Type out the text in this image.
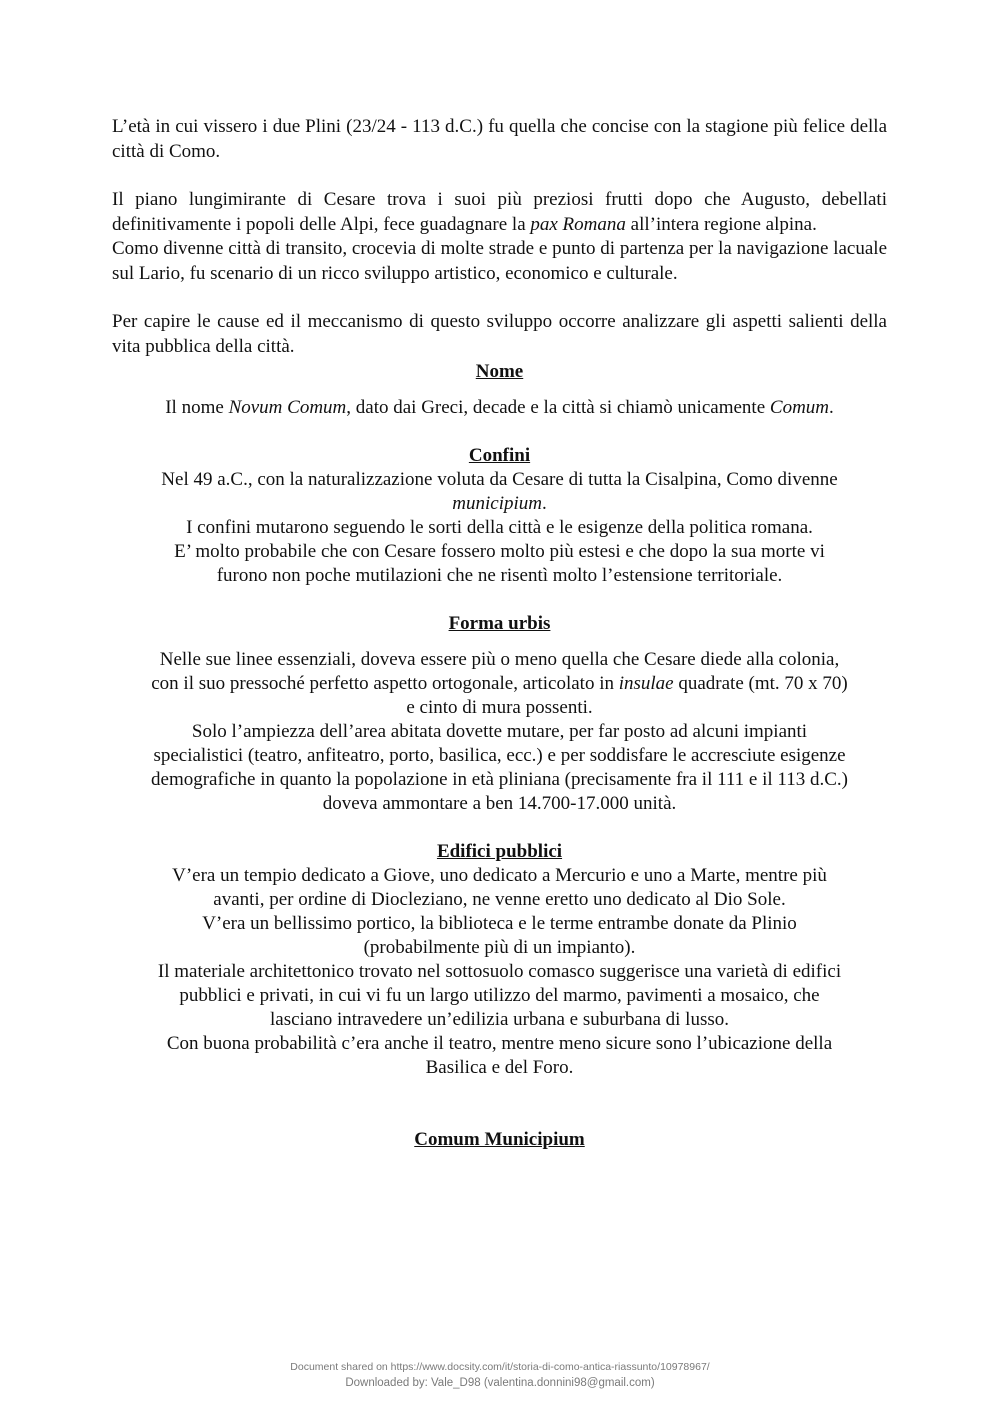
L’età in cui vissero i due Plini (23/24 - 113 d.C.) fu quella che concise con la stagione più felice della città di Como.

Il piano lungimirante di Cesare trova i suoi più preziosi frutti dopo che Augusto, debellati definitivamente i popoli delle Alpi, fece guadagnare la pax Romana all’intera regione alpina.

Como divenne città di transito, crocevia di molte strade e punto di partenza per la navigazione lacuale sul Lario, fu scenario di un ricco sviluppo artistico, economico e culturale.

Per capire le cause ed il meccanismo di questo sviluppo occorre analizzare gli aspetti salienti della vita pubblica della città.

Nome

Il nome Novum Comum, dato dai Greci, decade e la città si chiamò unicamente Comum.

Confini

Nel 49 a.C., con la naturalizzazione voluta da Cesare di tutta la Cisalpina, Como divenne

municipium.

I confini mutarono seguendo le sorti della città e le esigenze della politica romana.

E’ molto probabile che con Cesare fossero molto più estesi e che dopo la sua morte vi

furono non poche mutilazioni che ne risentì molto l’estensione territoriale.

Forma urbis

Nelle sue linee essenziali, doveva essere più o meno quella che Cesare diede alla colonia,

con il suo pressoché perfetto aspetto ortogonale, articolato in insulae quadrate (mt. 70 x 70)

e cinto di mura possenti.

Solo l’ampiezza dell’area abitata dovette mutare, per far posto ad alcuni impianti

specialistici (teatro, anfiteatro, porto, basilica, ecc.) e per soddisfare le accresciute esigenze

demografiche in quanto la popolazione in età pliniana (precisamente fra il 111 e il 113 d.C.)

doveva ammontare a ben 14.700-17.000 unità.

Edifici pubblici

V’era un tempio dedicato a Giove, uno dedicato a Mercurio e uno a Marte, mentre più

avanti, per ordine di Diocleziano, ne venne eretto uno dedicato al Dio Sole.

V’era un bellissimo portico, la biblioteca e le terme entrambe donate da Plinio

(probabilmente più di un impianto).

Il materiale architettonico trovato nel sottosuolo comasco suggerisce una varietà di edifici

pubblici e privati, in cui vi fu un largo utilizzo del marmo, pavimenti a mosaico, che

lasciano intravedere un’edilizia urbana e suburbana di lusso.

Con buona probabilità c’era anche il teatro, mentre meno sicure sono l’ubicazione della

Basilica e del Foro.

Comum Municipium

Document shared on https://www.docsity.com/it/storia-di-como-antica-riassunto/10978967/
Downloaded by: Vale_D98 (valentina.donnini98@gmail.com)
